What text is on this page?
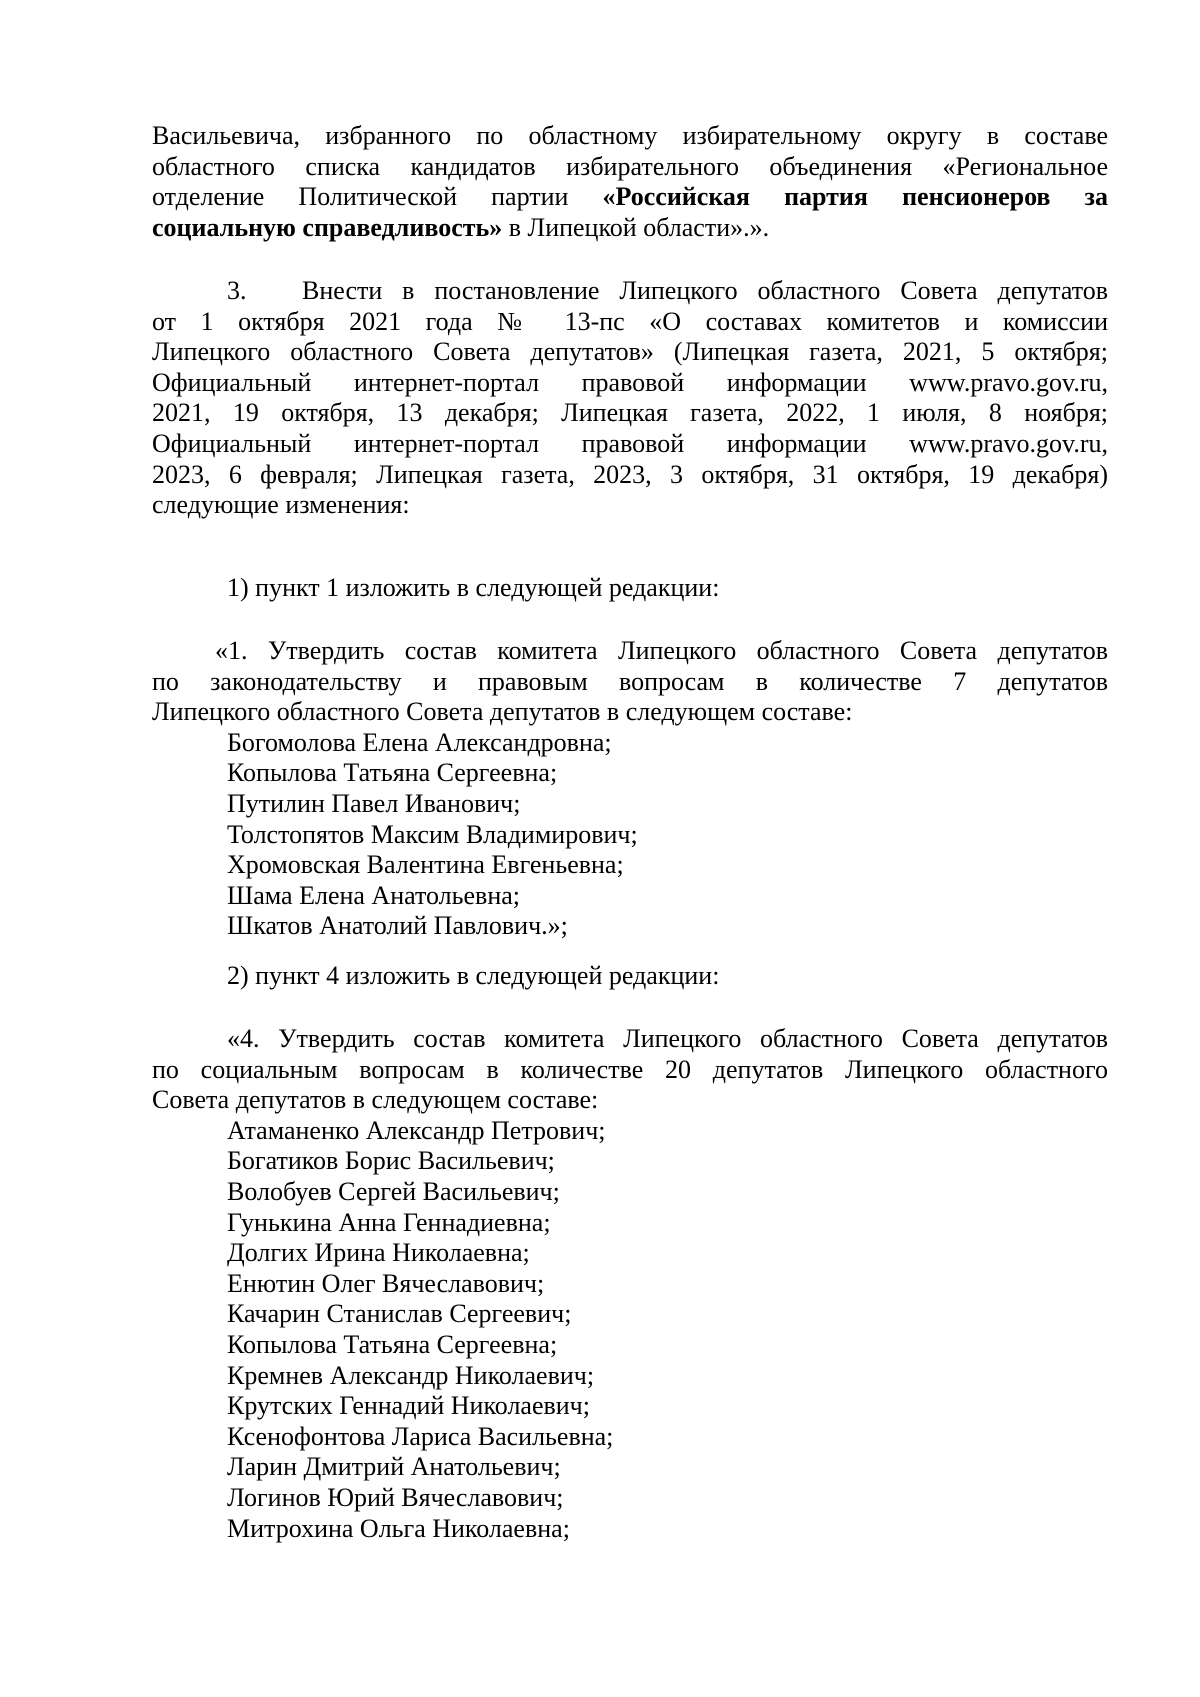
Васильевича, избранного по областному избирательному округу в составе
областного списка кандидатов избирательного объединения «Региональное
отделение Политической партии «Российская партия пенсионеров за
социальную справедливость» в Липецкой области».».
3. Внести в постановление Липецкого областного Совета депутатов
от 1 октября 2021 года № 13-пс «О составах комитетов и комиссии
Липецкого областного Совета депутатов» (Липецкая газета, 2021, 5 октября;
Официальный интернет-портал правовой информации www.pravo.gov.ru,
2021, 19 октября, 13 декабря; Липецкая газета, 2022, 1 июля, 8 ноября;
Официальный интернет-портал правовой информации www.pravo.gov.ru,
2023, 6 февраля; Липецкая газета, 2023, 3 октября, 31 октября, 19 декабря)
следующие изменения:
1) пункт 1 изложить в следующей редакции:
«1. Утвердить состав комитета Липецкого областного Совета депутатов
по законодательству и правовым вопросам в количестве 7 депутатов
Липецкого областного Совета депутатов в следующем составе:
Богомолова Елена Александровна;
Копылова Татьяна Сергеевна;
Путилин Павел Иванович;
Толстопятов Максим Владимирович;
Хромовская Валентина Евгеньевна;
Шама Елена Анатольевна;
Шкатов Анатолий Павлович.»;
2) пункт 4 изложить в следующей редакции:
«4. Утвердить состав комитета Липецкого областного Совета депутатов
по социальным вопросам в количестве 20 депутатов Липецкого областного
Совета депутатов в следующем составе:
Атаманенко Александр Петрович;
Богатиков Борис Васильевич;
Волобуев Сергей Васильевич;
Гунькина Анна Геннадиевна;
Долгих Ирина Николаевна;
Енютин Олег Вячеславович;
Качарин Станислав Сергеевич;
Копылова Татьяна Сергеевна;
Кремнев Александр Николаевич;
Крутских Геннадий Николаевич;
Ксенофонтова Лариса Васильевна;
Ларин Дмитрий Анатольевич;
Логинов Юрий Вячеславович;
Митрохина Ольга Николаевна;
